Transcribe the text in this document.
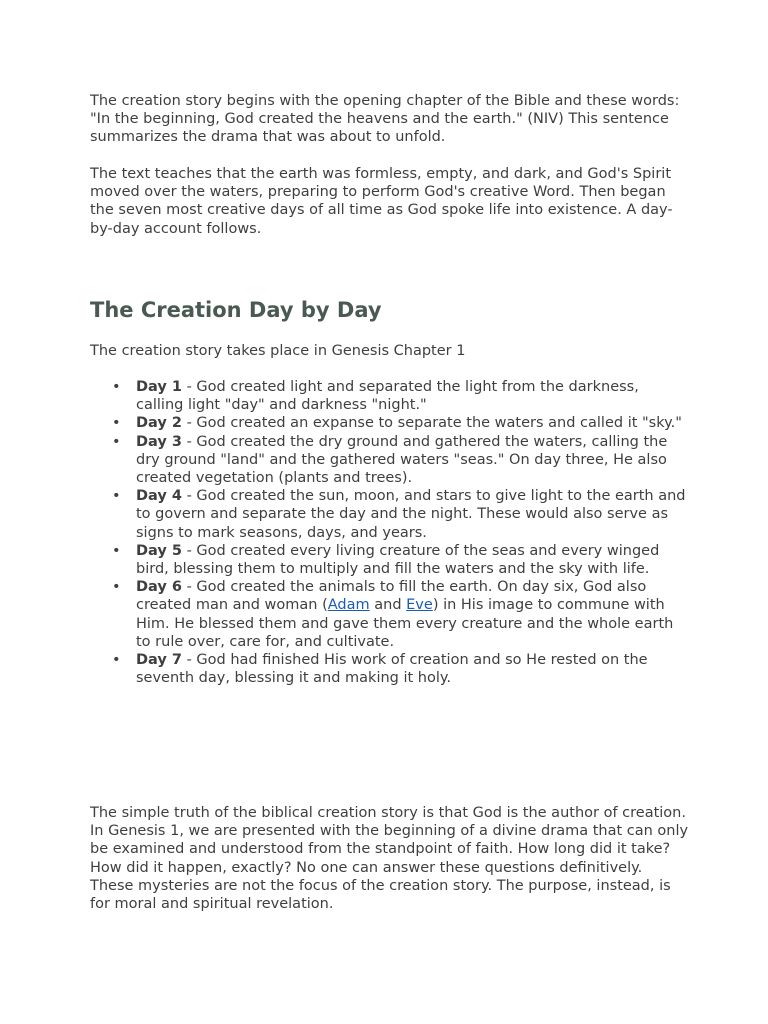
The creation story begins with the opening chapter of the Bible and these words: "In the beginning, God created the heavens and the earth." (NIV) This sentence summarizes the drama that was about to unfold.

The text teaches that the earth was formless, empty, and dark, and God's Spirit moved over the waters, preparing to perform God's creative Word. Then began the seven most creative days of all time as God spoke life into existence. A day-by-day account follows.

The Creation Day by Day

The creation story takes place in Genesis Chapter 1

• Day 1 - God created light and separated the light from the darkness, calling light "day" and darkness "night."
• Day 2 - God created an expanse to separate the waters and called it "sky."
• Day 3 - God created the dry ground and gathered the waters, calling the dry ground "land" and the gathered waters "seas." On day three, He also created vegetation (plants and trees).
• Day 4 - God created the sun, moon, and stars to give light to the earth and to govern and separate the day and the night. These would also serve as signs to mark seasons, days, and years.
• Day 5 - God created every living creature of the seas and every winged bird, blessing them to multiply and fill the waters and the sky with life.
• Day 6 - God created the animals to fill the earth. On day six, God also created man and woman (Adam and Eve) in His image to commune with Him. He blessed them and gave them every creature and the whole earth to rule over, care for, and cultivate.
• Day 7 - God had finished His work of creation and so He rested on the seventh day, blessing it and making it holy.

The simple truth of the biblical creation story is that God is the author of creation. In Genesis 1, we are presented with the beginning of a divine drama that can only be examined and understood from the standpoint of faith. How long did it take? How did it happen, exactly? No one can answer these questions definitively. These mysteries are not the focus of the creation story. The purpose, instead, is for moral and spiritual revelation.
